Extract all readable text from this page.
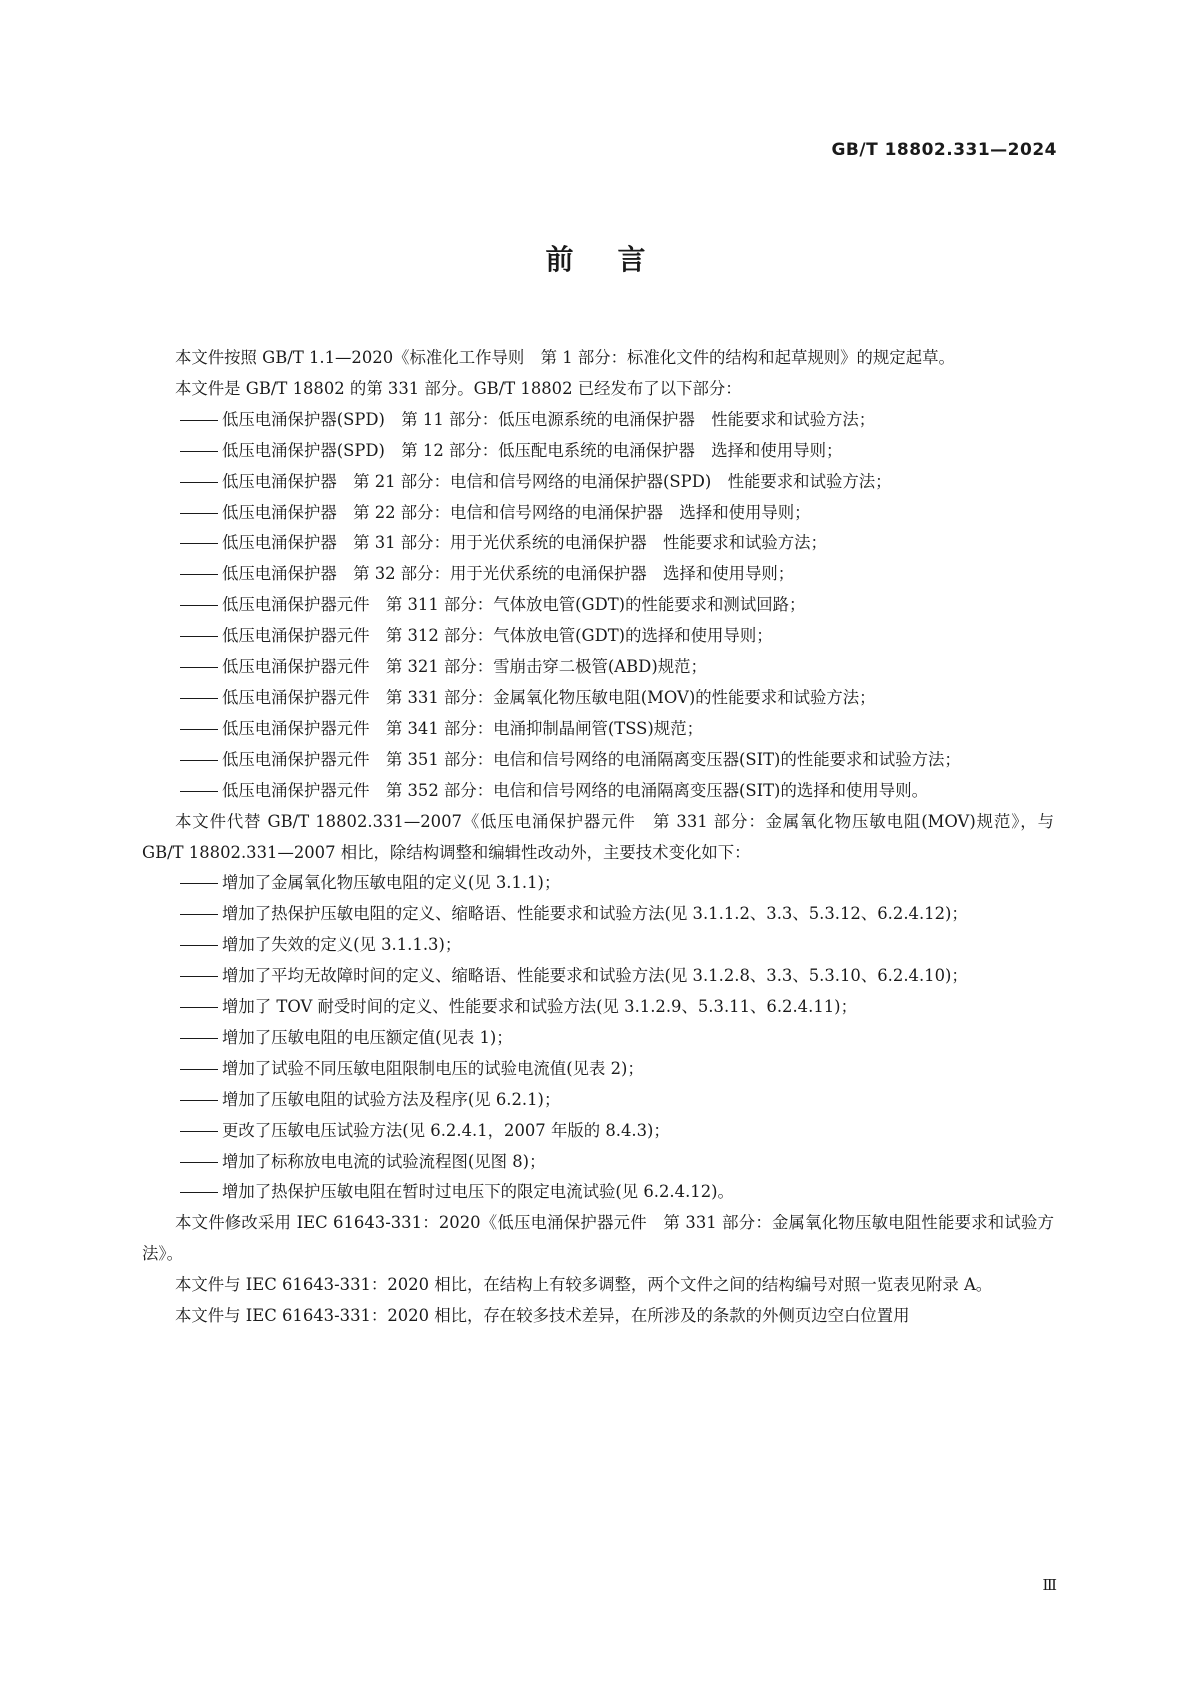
GB/T 18802.331—2024
前言

本文件按照 GB/T 1.1—2020《标准化工作导则　第 1 部分：标准化文件的结构和起草规则》的规定起草。

本文件是 GB/T 18802 的第 331 部分。GB/T 18802 已经发布了以下部分：

低压电涌保护器(SPD)　第 11 部分：低压电源系统的电涌保护器　性能要求和试验方法；

低压电涌保护器(SPD)　第 12 部分：低压配电系统的电涌保护器　选择和使用导则；

低压电涌保护器　第 21 部分：电信和信号网络的电涌保护器(SPD)　性能要求和试验方法；

低压电涌保护器　第 22 部分：电信和信号网络的电涌保护器　选择和使用导则；

低压电涌保护器　第 31 部分：用于光伏系统的电涌保护器　性能要求和试验方法；

低压电涌保护器　第 32 部分：用于光伏系统的电涌保护器　选择和使用导则；

低压电涌保护器元件　第 311 部分：气体放电管(GDT)的性能要求和测试回路；

低压电涌保护器元件　第 312 部分：气体放电管(GDT)的选择和使用导则；

低压电涌保护器元件　第 321 部分：雪崩击穿二极管(ABD)规范；

低压电涌保护器元件　第 331 部分：金属氧化物压敏电阻(MOV)的性能要求和试验方法；

低压电涌保护器元件　第 341 部分：电涌抑制晶闸管(TSS)规范；

低压电涌保护器元件　第 351 部分：电信和信号网络的电涌隔离变压器(SIT)的性能要求和试验方法；

低压电涌保护器元件　第 352 部分：电信和信号网络的电涌隔离变压器(SIT)的选择和使用导则。

本文件代替 GB/T 18802.331—2007《低压电涌保护器元件　第 331 部分：金属氧化物压敏电阻(MOV)规范》，与 GB/T 18802.331—2007 相比，除结构调整和编辑性改动外，主要技术变化如下：

增加了金属氧化物压敏电阻的定义(见 3.1.1)；

增加了热保护压敏电阻的定义、缩略语、性能要求和试验方法(见 3.1.1.2、3.3、5.3.12、6.2.4.12)；

增加了失效的定义(见 3.1.1.3)；

增加了平均无故障时间的定义、缩略语、性能要求和试验方法(见 3.1.2.8、3.3、5.3.10、6.2.4.10)；

增加了 TOV 耐受时间的定义、性能要求和试验方法(见 3.1.2.9、5.3.11、6.2.4.11)；

增加了压敏电阻的电压额定值(见表 1)；

增加了试验不同压敏电阻限制电压的试验电流值(见表 2)；

增加了压敏电阻的试验方法及程序(见 6.2.1)；

更改了压敏电压试验方法(见 6.2.4.1，2007 年版的 8.4.3)；

增加了标称放电电流的试验流程图(见图 8)；

增加了热保护压敏电阻在暂时过电压下的限定电流试验(见 6.2.4.12)。

本文件修改采用 IEC 61643-331：2020《低压电涌保护器元件　第 331 部分：金属氧化物压敏电阻性能要求和试验方法》。

本文件与 IEC 61643-331：2020 相比，在结构上有较多调整，两个文件之间的结构编号对照一览表见附录 A。

本文件与 IEC 61643-331：2020 相比，存在较多技术差异，在所涉及的条款的外侧页边空白位置用

Ⅲ
